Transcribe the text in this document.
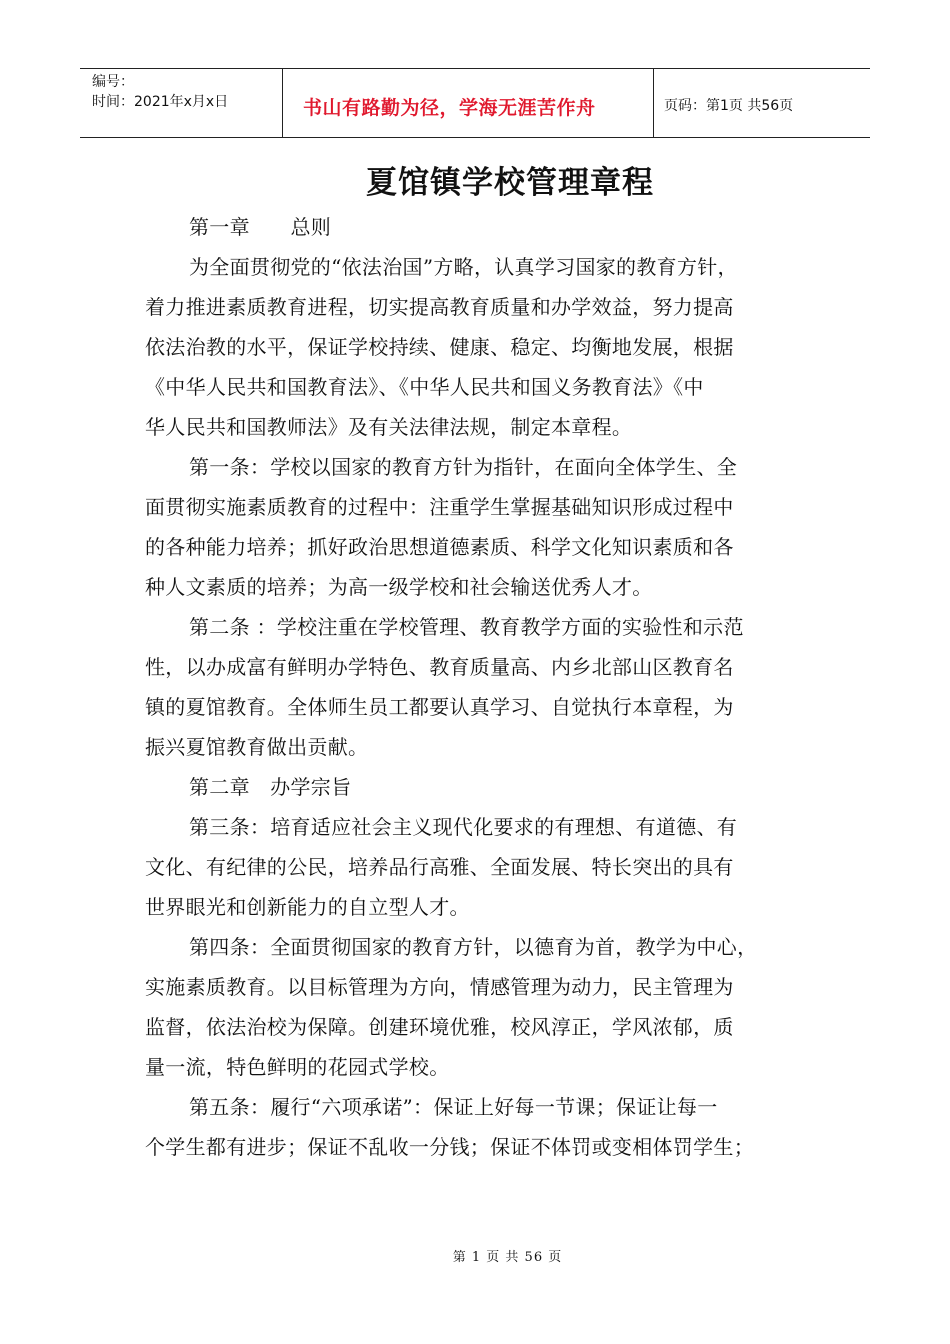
编号：
时间：2021年x月x日	书山有路勤为径，学海无涯苦作舟	页码：第1页 共56页
夏馆镇学校管理章程

第一章　　总则

为全面贯彻党的“依法治国”方略，认真学习国家的教育方针，
着力推进素质教育进程，切实提高教育质量和办学效益，努力提高
依法治教的水平，保证学校持续、健康、稳定、均衡地发展，根据
《中华人民共和国教育法》、《中华人民共和国义务教育法》《中
华人民共和国教师法》及有关法律法规，制定本章程。

第一条：学校以国家的教育方针为指针，在面向全体学生、全
面贯彻实施素质教育的过程中：注重学生掌握基础知识形成过程中
的各种能力培养；抓好政治思想道德素质、科学文化知识素质和各
种人文素质的培养；为高一级学校和社会输送优秀人才。

第二条 ：学校注重在学校管理、教育教学方面的实验性和示范
性，以办成富有鲜明办学特色、教育质量高、内乡北部山区教育名
镇的夏馆教育。全体师生员工都要认真学习、自觉执行本章程，为
振兴夏馆教育做出贡献。

第二章　办学宗旨

第三条：培育适应社会主义现代化要求的有理想、有道德、有
文化、有纪律的公民，培养品行高雅、全面发展、特长突出的具有
世界眼光和创新能力的自立型人才。

第四条：全面贯彻国家的教育方针，以德育为首，教学为中心，
实施素质教育。以目标管理为方向，情感管理为动力，民主管理为
监督，依法治校为保障。创建环境优雅，校风淳正，学风浓郁，质
量一流，特色鲜明的花园式学校。

第五条：履行“六项承诺”：保证上好每一节课；保证让每一
个学生都有进步；保证不乱收一分钱；保证不体罚或变相体罚学生；

第 1 页 共 56 页
